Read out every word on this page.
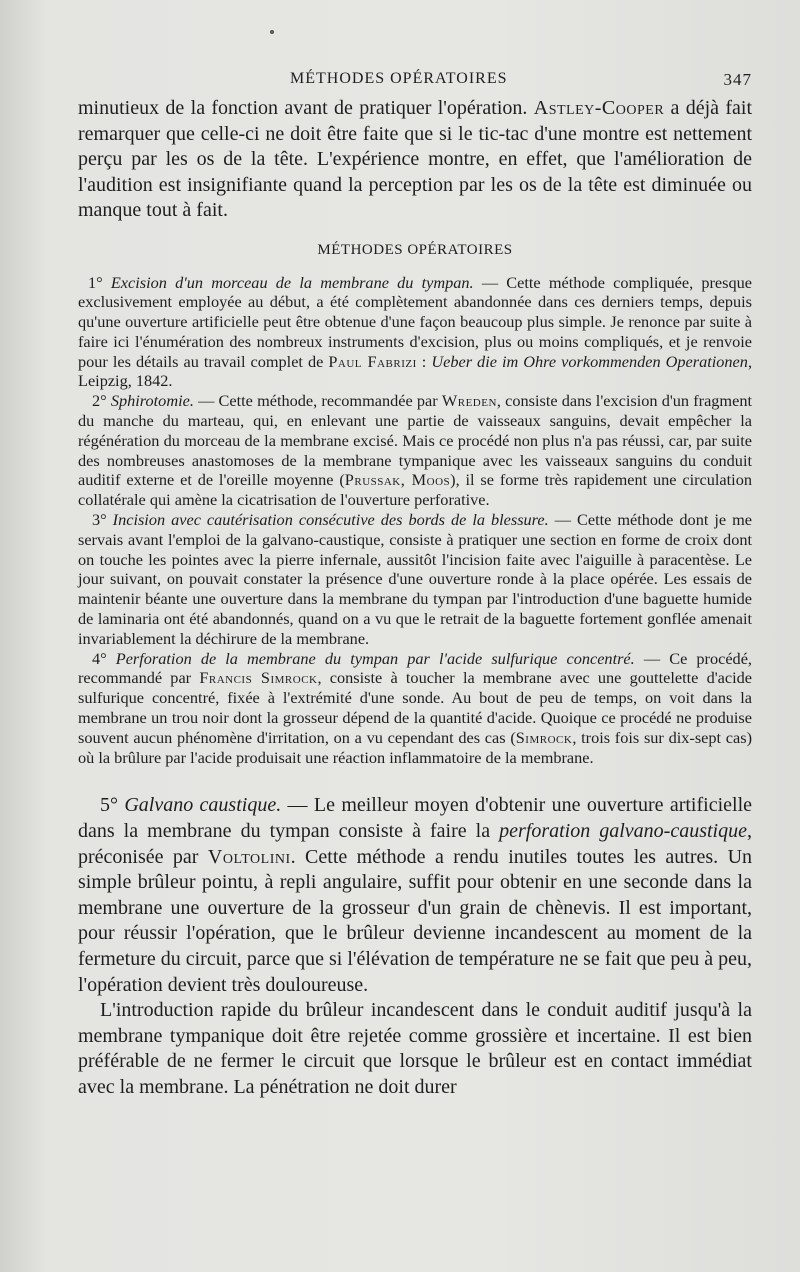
MÉTHODES OPÉRATOIRES	347

minutieux de la fonction avant de pratiquer l'opération. Astley-Cooper a déjà fait remarquer que celle-ci ne doit être faite que si le tic-tac d'une montre est nettement perçu par les os de la tête. L'expérience montre, en effet, que l'amélioration de l'audition est insignifiante quand la perception par les os de la tête est diminuée ou manque tout à fait.

MÉTHODES OPÉRATOIRES

1° Excision d'un morceau de la membrane du tympan. — Cette méthode compliquée, presque exclusivement employée au début, a été complètement abandonnée dans ces derniers temps, depuis qu'une ouverture artificielle peut être obtenue d'une façon beaucoup plus simple. Je renonce par suite à faire ici l'énumération des nombreux instruments d'excision, plus ou moins compliqués, et je renvoie pour les détails au travail complet de Paul Fabrizi : Ueber die im Ohre vorkommenden Operationen, Leipzig, 1842.

2° Sphirotomie. — Cette méthode, recommandée par Wreden, consiste dans l'excision d'un fragment du manche du marteau, qui, en enlevant une partie de vaisseaux sanguins, devait empêcher la régénération du morceau de la membrane excisé. Mais ce procédé non plus n'a pas réussi, car, par suite des nombreuses anastomoses de la membrane tympanique avec les vaisseaux sanguins du conduit auditif externe et de l'oreille moyenne (Prussak, Moos), il se forme très rapidement une circulation collatérale qui amène la cicatrisation de l'ouverture perforative.

3° Incision avec cautérisation consécutive des bords de la blessure. — Cette méthode dont je me servais avant l'emploi de la galvano-caustique, consiste à pratiquer une section en forme de croix dont on touche les pointes avec la pierre infernale, aussitôt l'incision faite avec l'aiguille à paracentèse. Le jour suivant, on pouvait constater la présence d'une ouverture ronde à la place opérée. Les essais de maintenir béante une ouverture dans la membrane du tympan par l'introduction d'une baguette humide de laminaria ont été abandonnés, quand on a vu que le retrait de la baguette fortement gonflée amenait invariablement la déchirure de la membrane.

4° Perforation de la membrane du tympan par l'acide sulfurique concentré. — Ce procédé, recommandé par Francis Simrock, consiste à toucher la membrane avec une gouttelette d'acide sulfurique concentré, fixée à l'extrémité d'une sonde. Au bout de peu de temps, on voit dans la membrane un trou noir dont la grosseur dépend de la quantité d'acide. Quoique ce procédé ne produise souvent aucun phénomène d'irritation, on a vu cependant des cas (Simrock, trois fois sur dix-sept cas) où la brûlure par l'acide produisait une réaction inflammatoire de la membrane.

5° Galvano caustique. — Le meilleur moyen d'obtenir une ouverture artificielle dans la membrane du tympan consiste à faire la perforation galvano-caustique, préconisée par Voltolini. Cette méthode a rendu inutiles toutes les autres. Un simple brûleur pointu, à repli angulaire, suffit pour obtenir en une seconde dans la membrane une ouverture de la grosseur d'un grain de chènevis. Il est important, pour réussir l'opération, que le brûleur devienne incandescent au moment de la fermeture du circuit, parce que si l'élévation de température ne se fait que peu à peu, l'opération devient très douloureuse.

L'introduction rapide du brûleur incandescent dans le conduit auditif jusqu'à la membrane tympanique doit être rejetée comme grossière et incertaine. Il est bien préférable de ne fermer le circuit que lorsque le brûleur est en contact immédiat avec la membrane. La pénétration ne doit durer
